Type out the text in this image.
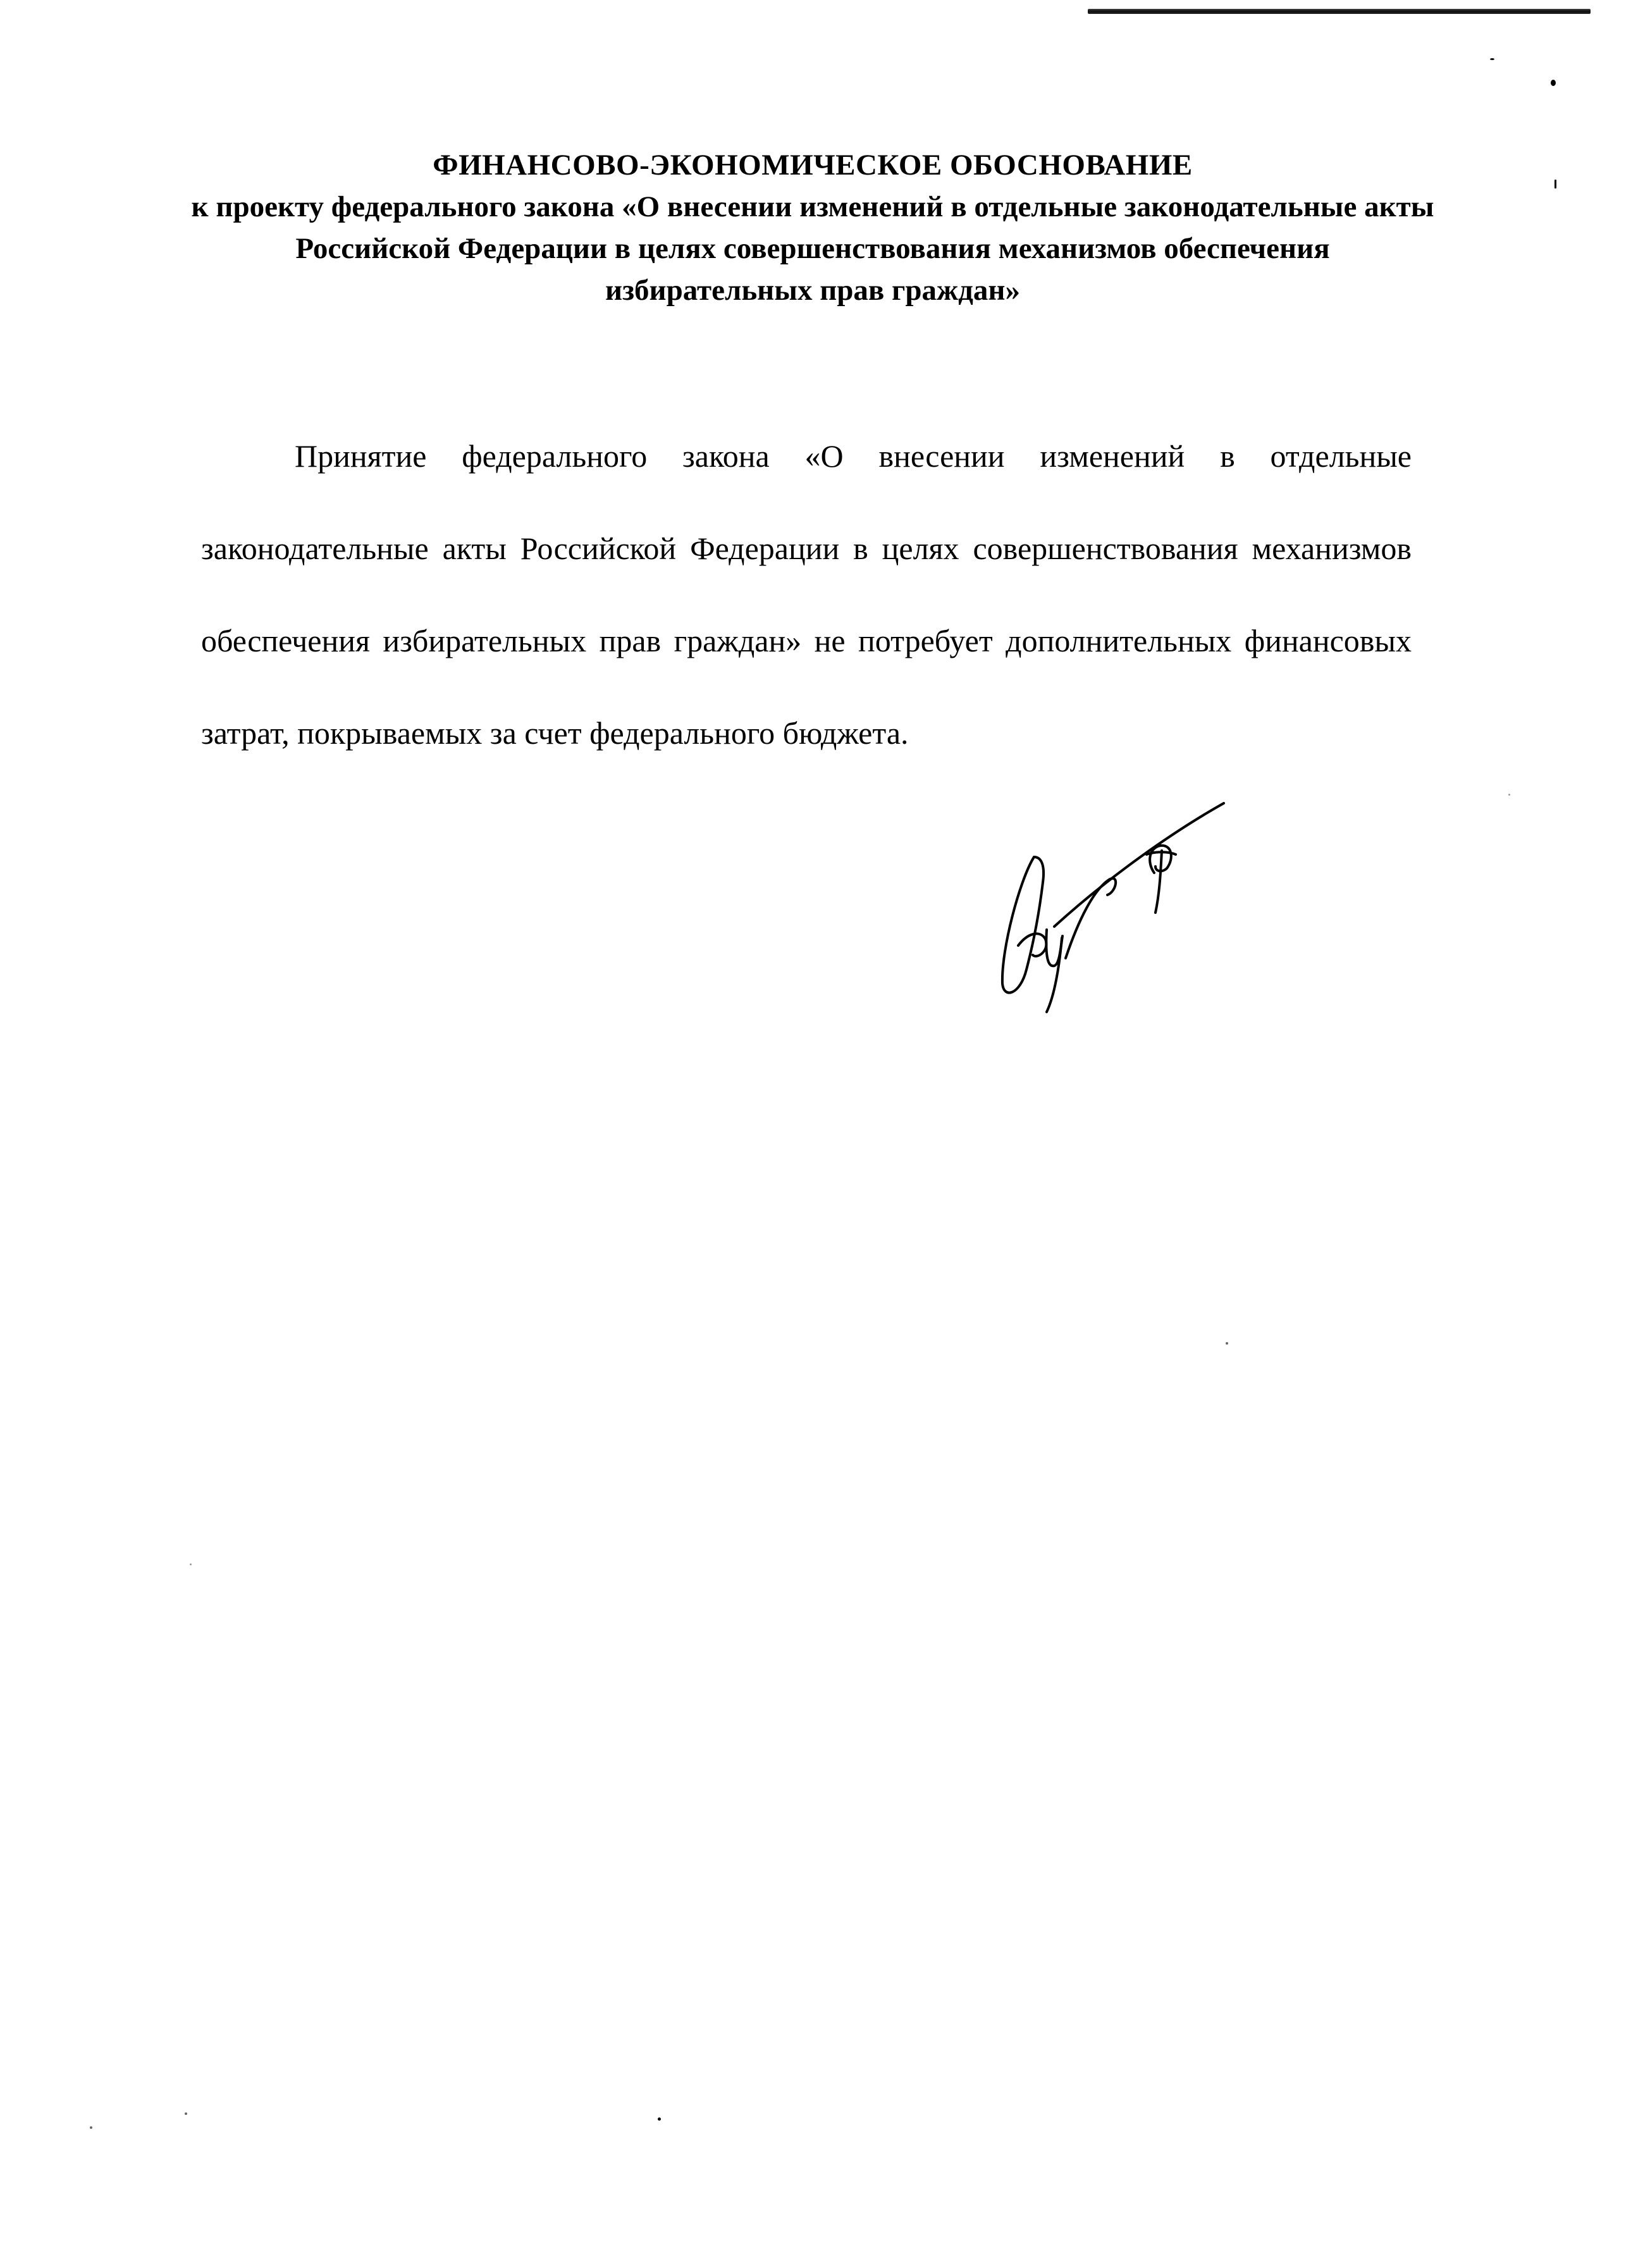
ФИНАНСОВО-ЭКОНОМИЧЕСКОЕ ОБОСНОВАНИЕ
к проекту федерального закона «О внесении изменений в отдельные законодательные акты Российской Федерации в целях совершенствования механизмов обеспечения избирательных прав граждан»

Принятие федерального закона «О внесении изменений в отдельные законодательные акты Российской Федерации в целях совершенствования механизмов обеспечения избирательных прав граждан» не потребует дополнительных финансовых затрат, покрываемых за счет федерального бюджета.
